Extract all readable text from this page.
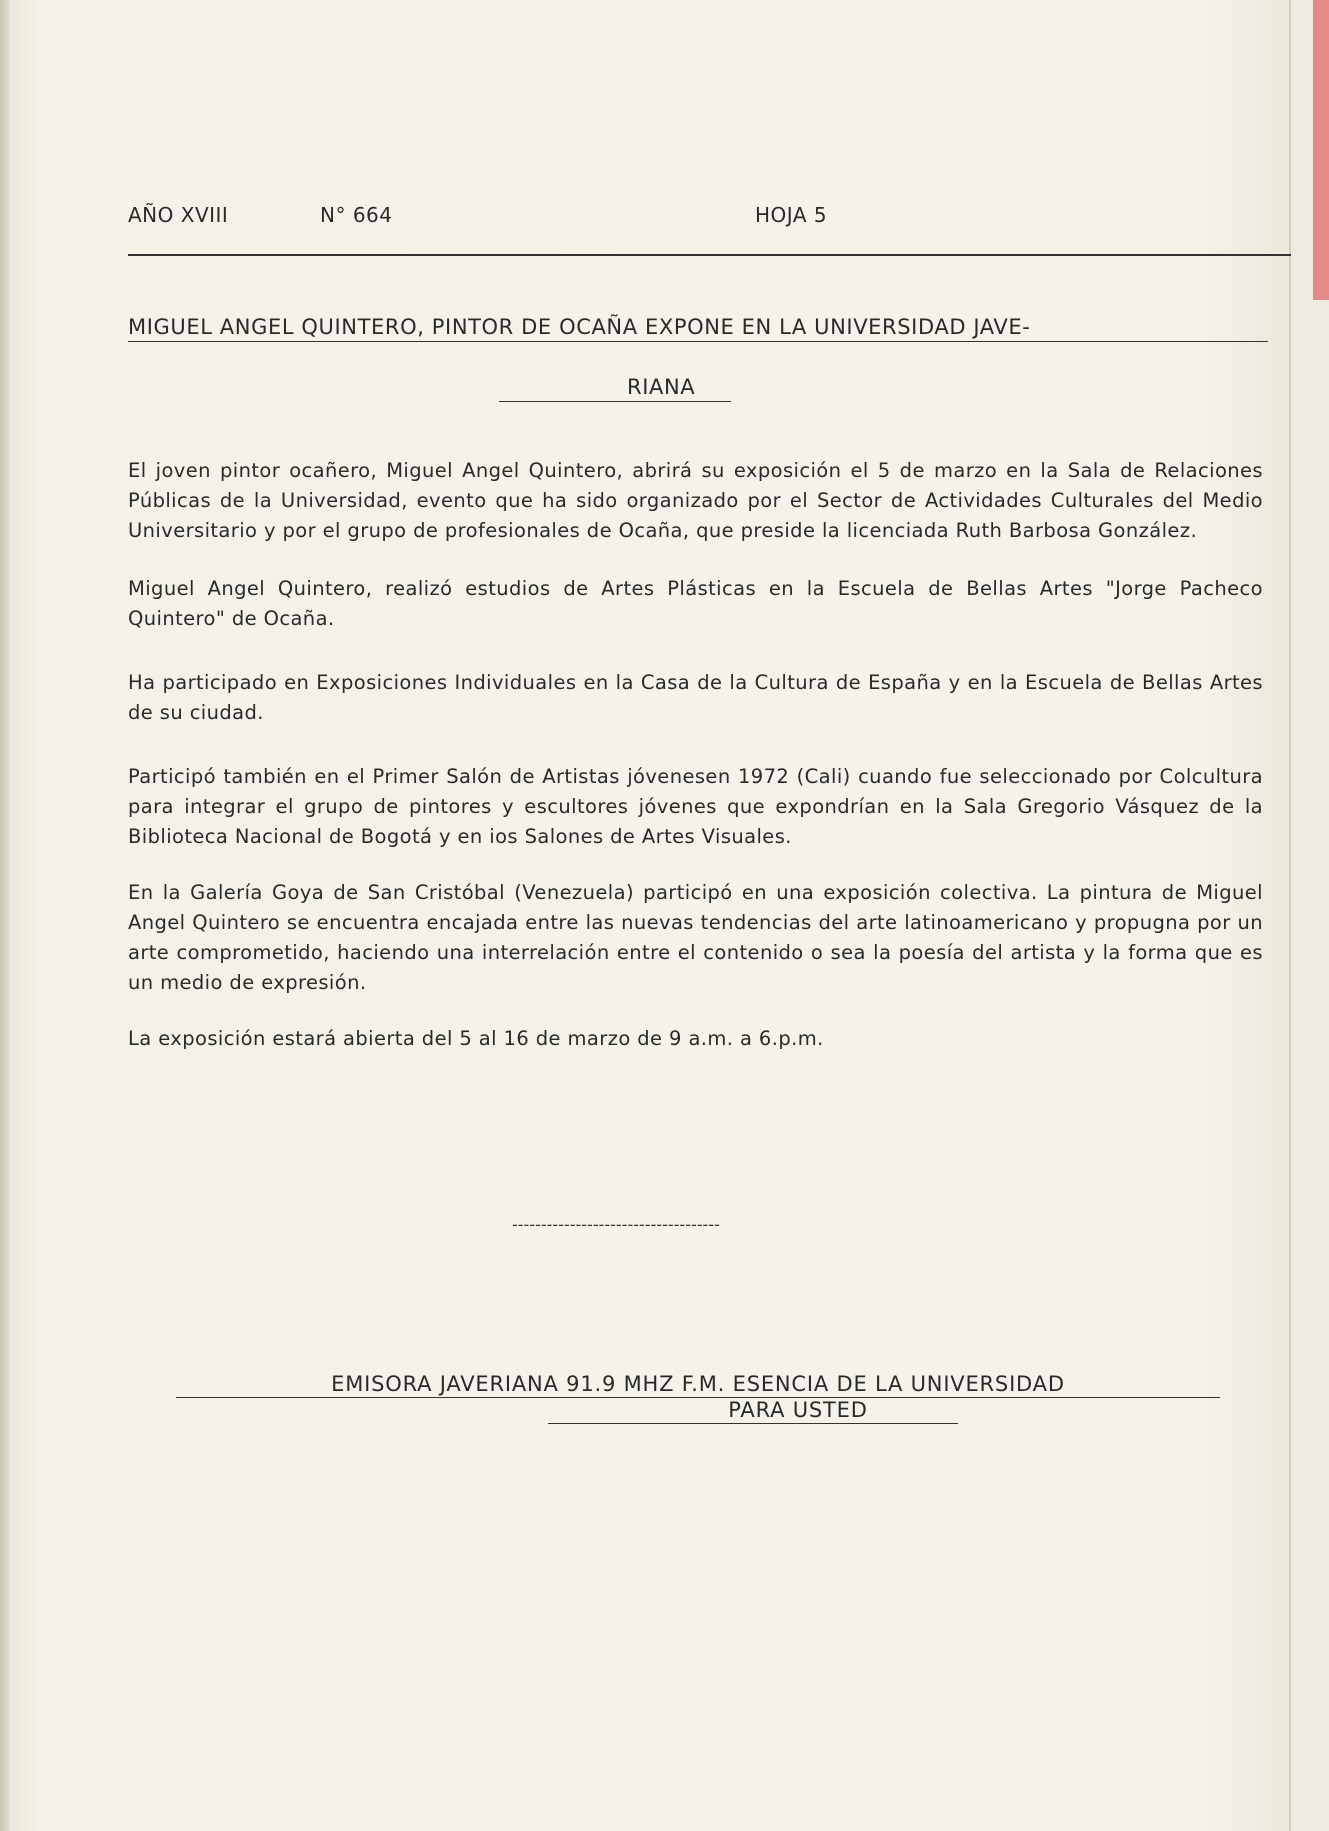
AÑO XVIII	N° 664	HOJA 5
MIGUEL ANGEL QUINTERO, PINTOR DE OCAÑA EXPONE EN LA UNIVERSIDAD JAVE-
RIANA

El joven pintor ocañero, Miguel Angel Quintero, abrirá su exposición el 5 de marzo en la Sala de Relaciones Públicas de la Universidad, evento que ha sido organizado por el Sector de Actividades Culturales del Medio Universitario y por el grupo de profesionales de Ocaña, que preside la licenciada Ruth Barbosa González.

Miguel Angel Quintero, realizó estudios de Artes Plásticas en la Escuela de Bellas Artes "Jorge Pacheco Quintero" de Ocaña.

Ha participado en Exposiciones Individuales en la Casa de la Cultura de España y en la Escuela de Bellas Artes de su ciudad.

Participó también en el Primer Salón de Artistas jóvenesen 1972 (Cali) cuando fue seleccionado por Colcultura para integrar el grupo de pintores y escultores jóvenes que expondrían en la Sala Gregorio Vásquez de la Biblioteca Nacional de Bogotá y en ios Salones de Artes Visuales.

En la Galería Goya de San Cristóbal (Venezuela) participó en una exposición colectiva. La pintura de Miguel Angel Quintero se encuentra encajada entre las nuevas tendencias del arte latinoamericano y propugna por un arte comprometido, haciendo una interrelación entre el contenido o sea la poesía del artista y la forma que es un medio de expresión.

La exposición estará abierta del 5 al 16 de marzo de 9 a.m. a 6.p.m.

------------------------------------
EMISORA JAVERIANA 91.9 MHZ F.M. ESENCIA DE LA UNIVERSIDAD
PARA USTED
